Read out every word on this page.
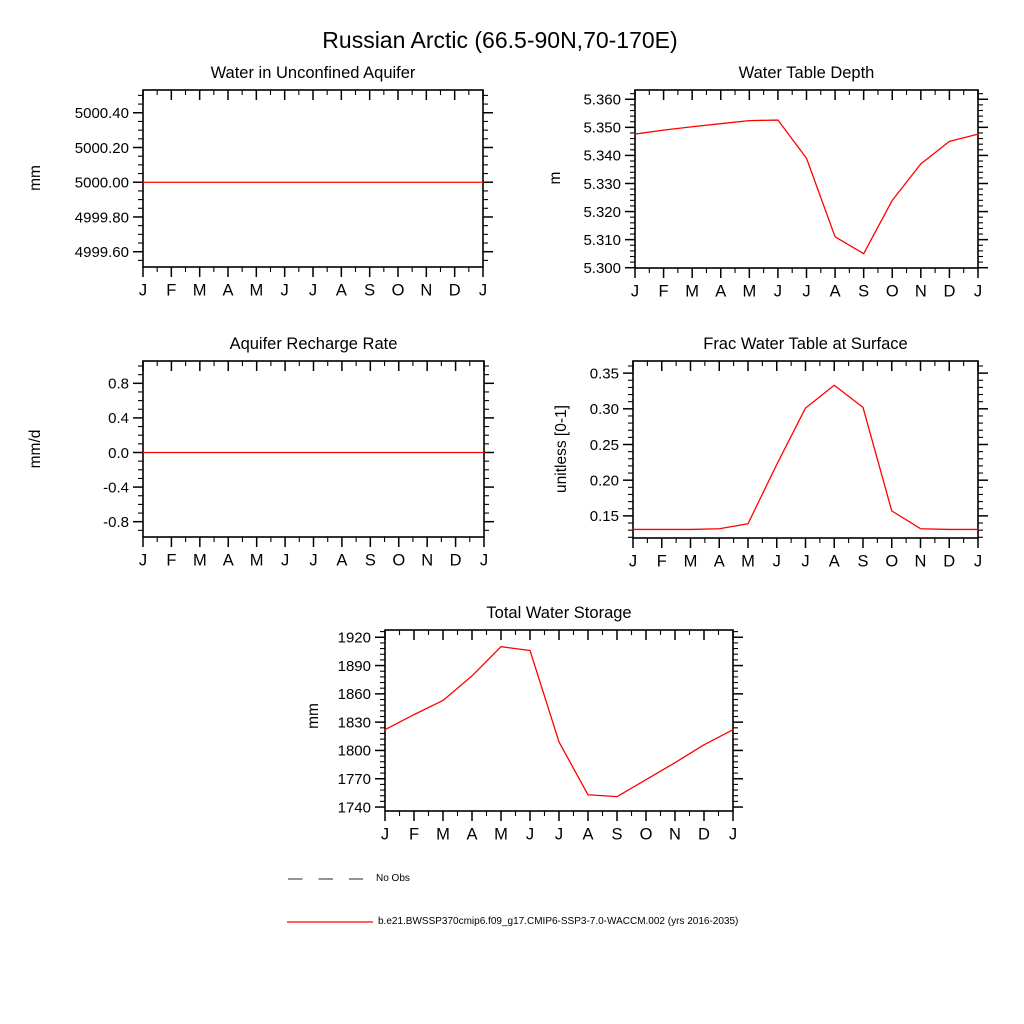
Russian Arctic (66.5-90N,70-170E)
J F M A M J J A S O N D J
4999.60
4999.80
5000.00
5000.20
5000.40
J F M A M J J A S O N D J
5.300
5.310
5.320
5.330
5.340
5.350
5.360
J F M A M J J A S O N D J
-0.8
-0.4
0.0
0.4
0.8
J F M A M J J A S O N D J
0.15
0.20
0.25
0.30
0.35
J F M A M J J A S O N D J
1740
1770
1800
1830
1860
1890
1920
Water in Unconfined Aquifer	Water Table Depth
Aquifer Recharge Rate	Frac Water Table at Surface
Total Water Storage
mm	m
mm/d	unitless [0-1]
mm
No Obs
b.e21.BWSSP370cmip6.f09_g17.CMIP6-SSP3-7.0-WACCM.002 (yrs 2016-2035)
